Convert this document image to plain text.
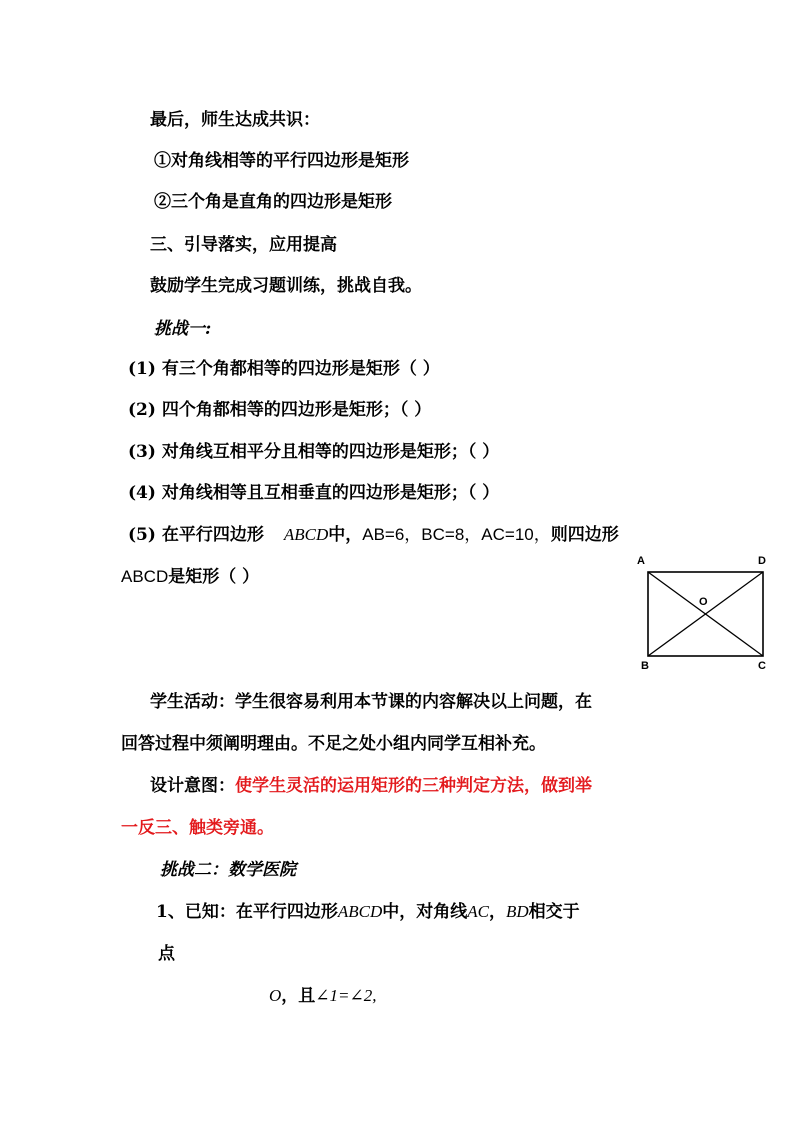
最后，师生达成共识：
①对角线相等的平行四边形是矩形
②三个角是直角的四边形是矩形
三、引导落实，应用提高
鼓励学生完成习题训练，挑战自我。
挑战一:
(1) 有三个角都相等的四边形是矩形（ ）
(2) 四个角都相等的四边形是矩形；（ ）
(3) 对角线互相平分且相等的四边形是矩形；（ ）
(4) 对角线相等且互相垂直的四边形是矩形；（ ）
(5) 在平行四边形 ABCD中，AB=6，BC=8，AC=10，则四边形
ABCD是矩形（ ）
A	D
B	C
O
学生活动：学生很容易利用本节课的内容解决以上问题，在
回答过程中须阐明理由。不足之处小组内同学互相补充。
设计意图：使学生灵活的运用矩形的三种判定方法，做到举
一反三、触类旁通。
挑战二：数学医院
1、已知：在平行四边形ABCD中，对角线AC，BD相交于
点
O，且∠1=∠2,
